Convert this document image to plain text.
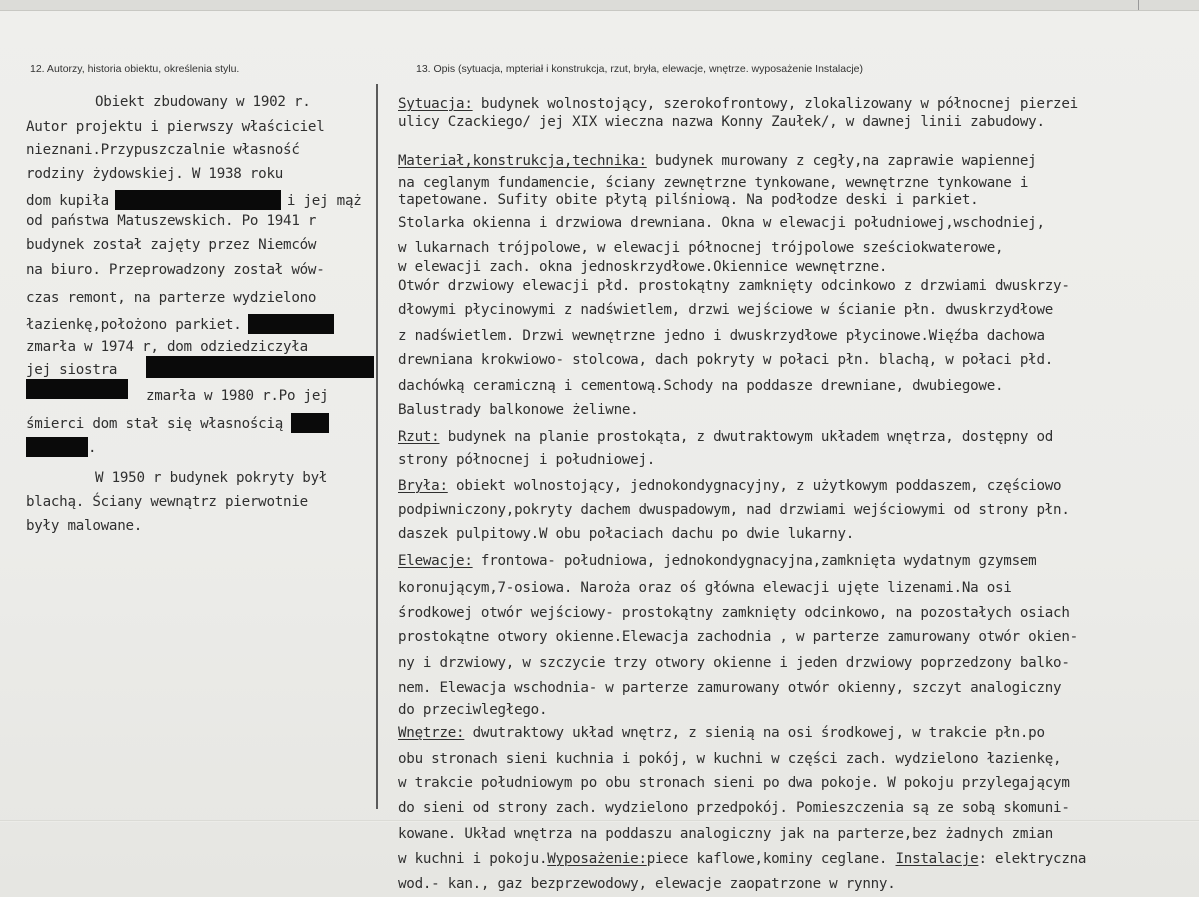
12. Autorzy, historia obiektu, określenia stylu.	13. Opis (sytuacja, mpteriał i konstrukcja, rzut, bryła, elewacje, wnętrze. wyposażenie Instalacje)
Obiekt zbudowany w 1902 r.
Autor projektu i pierwszy właściciel
nieznani.Przypuszczalnie własność
rodziny żydowskiej. W 1938 roku
dom kupiła	i jej mąż
od państwa Matuszewskich. Po 1941 r
budynek został zajęty przez Niemców
na biuro. Przeprowadzony został wów-
czas remont, na parterze wydzielono
łazienkę,położono parkiet.
zmarła w 1974 r, dom odziedziczyła
jej siostra
zmarła w 1980 r.Po jej
śmierci dom stał się własnością
.
W 1950 r budynek pokryty był
blachą. Ściany wewnątrz pierwotnie
były malowane.
Sytuacja: budynek wolnostojący, szerokofrontowy, zlokalizowany w północnej pierzei
ulicy Czackiego/ jej XIX wieczna nazwa Konny Zaułek/, w dawnej linii zabudowy.
Materiał,konstrukcja,technika: budynek murowany z cegły,na zaprawie wapiennej
na ceglanym fundamencie, ściany zewnętrzne tynkowane, wewnętrzne tynkowane i
tapetowane. Sufity obite płytą pilśniową. Na podłodze deski i parkiet.
Stolarka okienna i drzwiowa drewniana. Okna w elewacji południowej,wschodniej,
w lukarnach trójpolowe, w elewacji północnej trójpolowe sześciokwaterowe,
w elewacji zach. okna jednoskrzydłowe.Okiennice wewnętrzne.
Otwór drzwiowy elewacji płd. prostokątny zamknięty odcinkowo z drzwiami dwuskrzy-
dłowymi płycinowymi z nadświetlem, drzwi wejściowe w ścianie płn. dwuskrzydłowe
z nadświetlem. Drzwi wewnętrzne jedno i dwuskrzydłowe płycinowe.Więźba dachowa
drewniana krokwiowo- stolcowa, dach pokryty w połaci płn. blachą, w połaci płd.
dachówką ceramiczną i cementową.Schody na poddasze drewniane, dwubiegowe.
Balustrady balkonowe żeliwne.
Rzut: budynek na planie prostokąta, z dwutraktowym układem wnętrza, dostępny od
strony północnej i południowej.
Bryła: obiekt wolnostojący, jednokondygnacyjny, z użytkowym poddaszem, częściowo
podpiwniczony,pokryty dachem dwuspadowym, nad drzwiami wejściowymi od strony płn.
daszek pulpitowy.W obu połaciach dachu po dwie lukarny.
Elewacje: frontowa- południowa, jednokondygnacyjna,zamknięta wydatnym gzymsem
koronującym,7-osiowa. Naroża oraz oś główna elewacji ujęte lizenami.Na osi
środkowej otwór wejściowy- prostokątny zamknięty odcinkowo, na pozostałych osiach
prostokątne otwory okienne.Elewacja zachodnia , w parterze zamurowany otwór okien-
ny i drzwiowy, w szczycie trzy otwory okienne i jeden drzwiowy poprzedzony balko-
nem. Elewacja wschodnia- w parterze zamurowany otwór okienny, szczyt analogiczny
do przeciwległego.
Wnętrze: dwutraktowy układ wnętrz, z sienią na osi środkowej, w trakcie płn.po
obu stronach sieni kuchnia i pokój, w kuchni w części zach. wydzielono łazienkę,
w trakcie południowym po obu stronach sieni po dwa pokoje. W pokoju przylegającym
do sieni od strony zach. wydzielono przedpokój. Pomieszczenia są ze sobą skomuni-
kowane. Układ wnętrza na poddaszu analogiczny jak na parterze,bez żadnych zmian
w kuchni i pokoju.Wyposażenie:piece kaflowe,kominy ceglane. Instalacje: elektryczna
wod.- kan., gaz bezprzewodowy, elewacje zaopatrzone w rynny.
